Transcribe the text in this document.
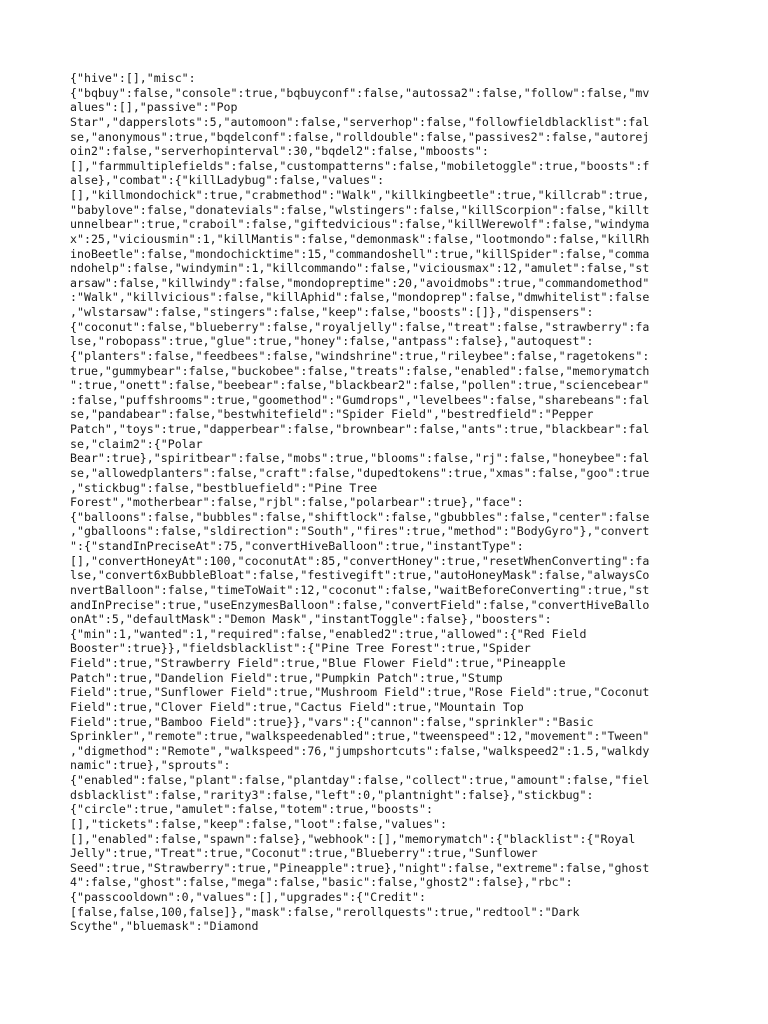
{"hive":[],"misc":
{"bqbuy":false,"console":true,"bqbuyconf":false,"autossa2":false,"follow":false,"mv
alues":[],"passive":"Pop
Star","dapperslots":5,"automoon":false,"serverhop":false,"followfieldblacklist":fal
se,"anonymous":true,"bqdelconf":false,"rolldouble":false,"passives2":false,"autorej
oin2":false,"serverhopinterval":30,"bqdel2":false,"mboosts":
[],"farmmultiplefields":false,"custompatterns":false,"mobiletoggle":true,"boosts":f
alse},"combat":{"killLadybug":false,"values":
[],"killmondochick":true,"crabmethod":"Walk","killkingbeetle":true,"killcrab":true,
"babylove":false,"donatevials":false,"wlstingers":false,"killScorpion":false,"killt
unnelbear":true,"craboil":false,"giftedvicious":false,"killWerewolf":false,"windyma
x":25,"viciousmin":1,"killMantis":false,"demonmask":false,"lootmondo":false,"killRh
inoBeetle":false,"mondochicktime":15,"commandoshell":true,"killSpider":false,"comma
ndohelp":false,"windymin":1,"killcommando":false,"viciousmax":12,"amulet":false,"st
arsaw":false,"killwindy":false,"mondopreptime":20,"avoidmobs":true,"commandomethod"
:"Walk","killvicious":false,"killAphid":false,"mondoprep":false,"dmwhitelist":false
,"wlstarsaw":false,"stingers":false,"keep":false,"boosts":[]},"dispensers":
{"coconut":false,"blueberry":false,"royaljelly":false,"treat":false,"strawberry":fa
lse,"robopass":true,"glue":true,"honey":false,"antpass":false},"autoquest":
{"planters":false,"feedbees":false,"windshrine":true,"rileybee":false,"ragetokens":
true,"gummybear":false,"buckobee":false,"treats":false,"enabled":false,"memorymatch
":true,"onett":false,"beebear":false,"blackbear2":false,"pollen":true,"sciencebear"
:false,"puffshrooms":true,"goomethod":"Gumdrops","levelbees":false,"sharebeans":fal
se,"pandabear":false,"bestwhitefield":"Spider Field","bestredfield":"Pepper
Patch","toys":true,"dapperbear":false,"brownbear":false,"ants":true,"blackbear":fal
se,"claim2":{"Polar
Bear":true},"spiritbear":false,"mobs":true,"blooms":false,"rj":false,"honeybee":fal
se,"allowedplanters":false,"craft":false,"dupedtokens":true,"xmas":false,"goo":true
,"stickbug":false,"bestbluefield":"Pine Tree
Forest","motherbear":false,"rjbl":false,"polarbear":true},"face":
{"balloons":false,"bubbles":false,"shiftlock":false,"gbubbles":false,"center":false
,"gballoons":false,"sldirection":"South","fires":true,"method":"BodyGyro"},"convert
":{"standInPreciseAt":75,"convertHiveBalloon":true,"instantType":
[],"convertHoneyAt":100,"coconutAt":85,"convertHoney":true,"resetWhenConverting":fa
lse,"convert6xBubbleBloat":false,"festivegift":true,"autoHoneyMask":false,"alwaysCo
nvertBalloon":false,"timeToWait":12,"coconut":false,"waitBeforeConverting":true,"st
andInPrecise":true,"useEnzymesBalloon":false,"convertField":false,"convertHiveBallo
onAt":5,"defaultMask":"Demon Mask","instantToggle":false},"boosters":
{"min":1,"wanted":1,"required":false,"enabled2":true,"allowed":{"Red Field
Booster":true}},"fieldsblacklist":{"Pine Tree Forest":true,"Spider
Field":true,"Strawberry Field":true,"Blue Flower Field":true,"Pineapple
Patch":true,"Dandelion Field":true,"Pumpkin Patch":true,"Stump
Field":true,"Sunflower Field":true,"Mushroom Field":true,"Rose Field":true,"Coconut
Field":true,"Clover Field":true,"Cactus Field":true,"Mountain Top
Field":true,"Bamboo Field":true}},"vars":{"cannon":false,"sprinkler":"Basic
Sprinkler","remote":true,"walkspeedenabled":true,"tweenspeed":12,"movement":"Tween"
,"digmethod":"Remote","walkspeed":76,"jumpshortcuts":false,"walkspeed2":1.5,"walkdy
namic":true},"sprouts":
{"enabled":false,"plant":false,"plantday":false,"collect":true,"amount":false,"fiel
dsblacklist":false,"rarity3":false,"left":0,"plantnight":false},"stickbug":
{"circle":true,"amulet":false,"totem":true,"boosts":
[],"tickets":false,"keep":false,"loot":false,"values":
[],"enabled":false,"spawn":false},"webhook":[],"memorymatch":{"blacklist":{"Royal
Jelly":true,"Treat":true,"Coconut":true,"Blueberry":true,"Sunflower
Seed":true,"Strawberry":true,"Pineapple":true},"night":false,"extreme":false,"ghost
4":false,"ghost":false,"mega":false,"basic":false,"ghost2":false},"rbc":
{"passcooldown":0,"values":[],"upgrades":{"Credit":
[false,false,100,false]},"mask":false,"rerollquests":true,"redtool":"Dark
Scythe","bluemask":"Diamond
